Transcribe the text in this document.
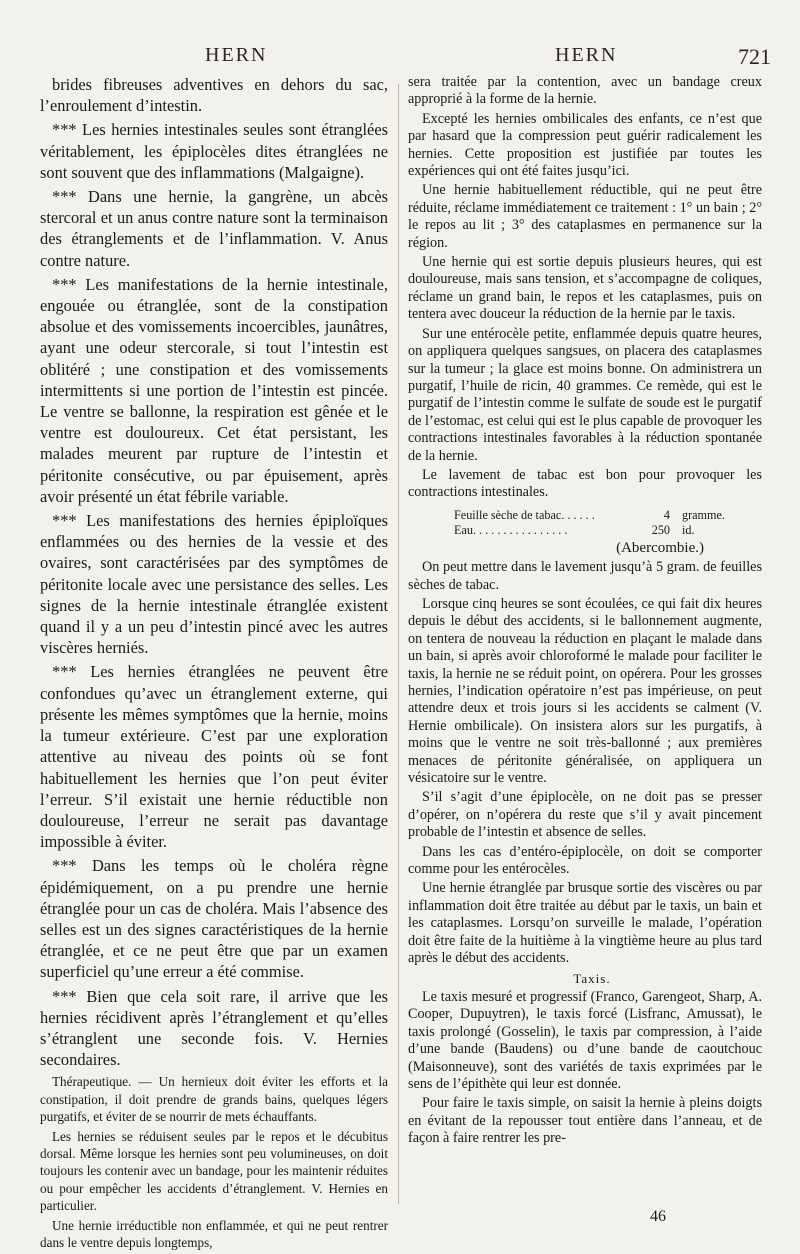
HERN	HERN	721

brides fibreuses adventives en dehors du sac, l’enroulement d’intestin.

*** Les hernies intestinales seules sont étranglées véritablement, les épiplocèles dites étranglées ne sont souvent que des inflammations (Malgaigne).

*** Dans une hernie, la gangrène, un abcès stercoral et un anus contre nature sont la terminaison des étranglements et de l’inflammation. V. Anus contre nature.

*** Les manifestations de la hernie intestinale, engouée ou étranglée, sont de la constipation absolue et des vomissements incoercibles, jaunâtres, ayant une odeur stercorale, si tout l’intestin est oblitéré ; une constipation et des vomissements intermittents si une portion de l’intestin est pincée. Le ventre se ballonne, la respiration est gênée et le ventre est douloureux. Cet état persistant, les malades meurent par rupture de l’intestin et péritonite consécutive, ou par épuisement, après avoir présenté un état fébrile variable.

*** Les manifestations des hernies épiploïques enflammées ou des hernies de la vessie et des ovaires, sont caractérisées par des symptômes de péritonite locale avec une persistance des selles. Les signes de la hernie intestinale étranglée existent quand il y a un peu d’intestin pincé avec les autres viscères herniés.

*** Les hernies étranglées ne peuvent être confondues qu’avec un étranglement externe, qui présente les mêmes symptômes que la hernie, moins la tumeur extérieure. C’est par une exploration attentive au niveau des points où se font habituellement les hernies que l’on peut éviter l’erreur. S’il existait une hernie réductible non douloureuse, l’erreur ne serait pas davantage impossible à éviter.

*** Dans les temps où le choléra règne épidémiquement, on a pu prendre une hernie étranglée pour un cas de choléra. Mais l’absence des selles est un des signes caractéristiques de la hernie étranglée, et ce ne peut être que par un examen superficiel qu’une erreur a été commise.

*** Bien que cela soit rare, il arrive que les hernies récidivent après l’étranglement et qu’elles s’étranglent une seconde fois. V. Hernies secondaires.

Thérapeutique. — Un hernieux doit éviter les efforts et la constipation, il doit prendre de grands bains, quelques légers purgatifs, et éviter de se nourrir de mets échauffants.

Les hernies se réduisent seules par le repos et le décubitus dorsal. Même lorsque les hernies sont peu volumineuses, on doit toujours les contenir avec un bandage, pour les maintenir réduites ou pour empêcher les accidents d’étranglement. V. Hernies en particulier.

Une hernie irréductible non enflammée, et qui ne peut rentrer dans le ventre depuis longtemps,

sera traitée par la contention, avec un bandage creux approprié à la forme de la hernie.

Excepté les hernies ombilicales des enfants, ce n’est que par hasard que la compression peut guérir radicalement les hernies. Cette proposition est justifiée par toutes les expériences qui ont été faites jusqu’ici.

Une hernie habituellement réductible, qui ne peut être réduite, réclame immédiatement ce traitement : 1° un bain ; 2° le repos au lit ; 3° des cataplasmes en permanence sur la région.

Une hernie qui est sortie depuis plusieurs heures, qui est douloureuse, mais sans tension, et s’accompagne de coliques, réclame un grand bain, le repos et les cataplasmes, puis on tentera avec douceur la réduction de la hernie par le taxis.

Sur une entérocèle petite, enflammée depuis quatre heures, on appliquera quelques sangsues, on placera des cataplasmes sur la tumeur ; la glace est moins bonne. On administrera un purgatif, l’huile de ricin, 40 grammes. Ce remède, qui est le purgatif de l’intestin comme le sulfate de soude est le purgatif de l’estomac, est celui qui est le plus capable de provoquer les contractions intestinales favorables à la réduction spontanée de la hernie.

Le lavement de tabac est bon pour provoquer les contractions intestinales.

Feuille sèche de tabac. . . . . .	4 gramme.
Eau. . . . . . . . . . . . . . . .	250 id.

(Abercombie.)

On peut mettre dans le lavement jusqu’à 5 gram. de feuilles sèches de tabac.

Lorsque cinq heures se sont écoulées, ce qui fait dix heures depuis le début des accidents, si le ballonnement augmente, on tentera de nouveau la réduction en plaçant le malade dans un bain, si après avoir chloroformé le malade pour faciliter le taxis, la hernie ne se réduit point, on opérera. Pour les grosses hernies, l’indication opératoire n’est pas impérieuse, on peut attendre deux et trois jours si les accidents se calment (V. Hernie ombilicale). On insistera alors sur les purgatifs, à moins que le ventre ne soit très-ballonné ; aux premières menaces de péritonite généralisée, on appliquera un vésicatoire sur le ventre.

S’il s’agit d’une épiplocèle, on ne doit pas se presser d’opérer, on n’opérera du reste que s’il y avait pincement probable de l’intestin et absence de selles.

Dans les cas d’entéro-épiplocèle, on doit se comporter comme pour les entérocèles.

Une hernie étranglée par brusque sortie des viscères ou par inflammation doit être traitée au début par le taxis, un bain et les cataplasmes. Lorsqu’on surveille le malade, l’opération doit être faite de la huitième à la vingtième heure au plus tard après le début des accidents.

Taxis.

Le taxis mesuré et progressif (Franco, Garengeot, Sharp, A. Cooper, Dupuytren), le taxis forcé (Lisfranc, Amussat), le taxis prolongé (Gosselin), le taxis par compression, à l’aide d’une bande (Baudens) ou d’une bande de caoutchouc (Maisonneuve), sont des variétés de taxis exprimées par le sens de l’épithète qui leur est donnée.

Pour faire le taxis simple, on saisit la hernie à pleins doigts en évitant de la repousser tout entière dans l’anneau, et de façon à faire rentrer les pre-

46
